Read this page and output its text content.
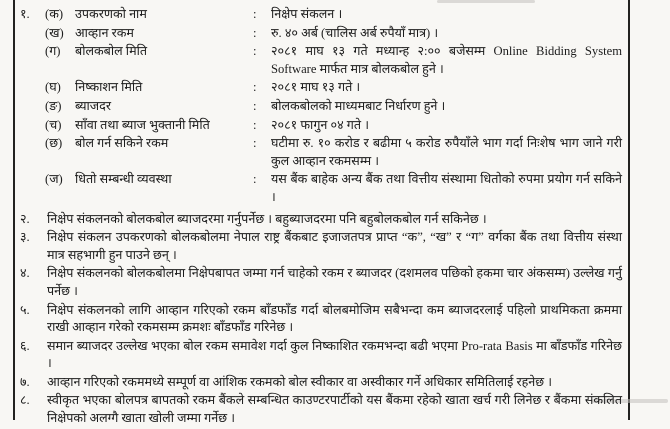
१.	(क) उपकरणको नाम	:	निक्षेप संकलन ।
(ख) आव्हान रकम	:	रु. ४० अर्ब (चालिस अर्ब रुपैयाँ मात्र) ।
(ग)	बोलकबोल मिति	:	२०८१ माघ १३ गते मध्यान्ह २:०० बजेसम्म Online Bidding System Software मार्फत मात्र बोलकबोल हुने ।
(घ)	निष्काशन मिति	:	२०८१ माघ १३ गते ।
(ङ)	ब्याजदर	:	बोलकबोलको माध्यमबाट निर्धारण हुने ।
(च)	साँवा तथा ब्याज भुक्तानी मिति	:	२०८१ फागुन ०४ गते ।
(छ)	बोल गर्न सकिने रकम	:	घटीमा रु. १० करोड र बढीमा ५ करोड रुपैयाँले भाग गर्दा निःशेष भाग जाने गरी कुल आव्हान रकमसम्म ।
(ज) धितो सम्बन्धी व्यवस्था	:	यस बैंक बाहेक अन्य बैंक तथा वित्तीय संस्थामा धितोको रुपमा प्रयोग गर्न सकिने ।
२.	निक्षेप संकलनको बोलकबोल ब्याजदरमा गर्नुपर्नेछ । बहुब्याजदरमा पनि बहुबोलकबोल गर्न सकिनेछ ।
३.	निक्षेप संकलन उपकरणको बोलकबोलमा नेपाल राष्ट्र बैंकबाट इजाजतपत्र प्राप्त “क”, “ख” र “ग” वर्गका बैंक तथा वित्तीय संस्था मात्र सहभागी हुन पाउने छन् ।
४.	निक्षेप संकलनको बोलकबोलमा निक्षेपबापत जम्मा गर्न चाहेको रकम र ब्याजदर (दशमलव पछिको हकमा चार अंकसम्म) उल्लेख गर्नु पर्नेछ ।
५.	निक्षेप संकलनको लागि आव्हान गरिएको रकम बाँडफाँड गर्दा बोलबमोजिम सबैभन्दा कम ब्याजदरलाई पहिलो प्राथमिकता क्रममा राखी आव्हान गरेको रकमसम्म क्रमशः बाँडफाँड गरिनेछ ।
६.	समान ब्याजदर उल्लेख भएका बोल रकम समावेश गर्दा कुल निष्काशित रकमभन्दा बढी भएमा Pro-rata Basis मा बाँडफाँड गरिनेछ ।
७.	आव्हान गरिएको रकममध्ये सम्पूर्ण वा आंशिक रकमको बोल स्वीकार वा अस्वीकार गर्ने अधिकार समितिलाई रहनेछ ।
८.	स्वीकृत भएका बोलपत्र बापतको रकम बैंकले सम्बन्धित काउण्टरपार्टीको यस बैंकमा रहेको खाता खर्च गरी लिनेछ र बैंकमा संकलित निक्षेपको अलग्गै खाता खोली जम्मा गर्नेछ ।
